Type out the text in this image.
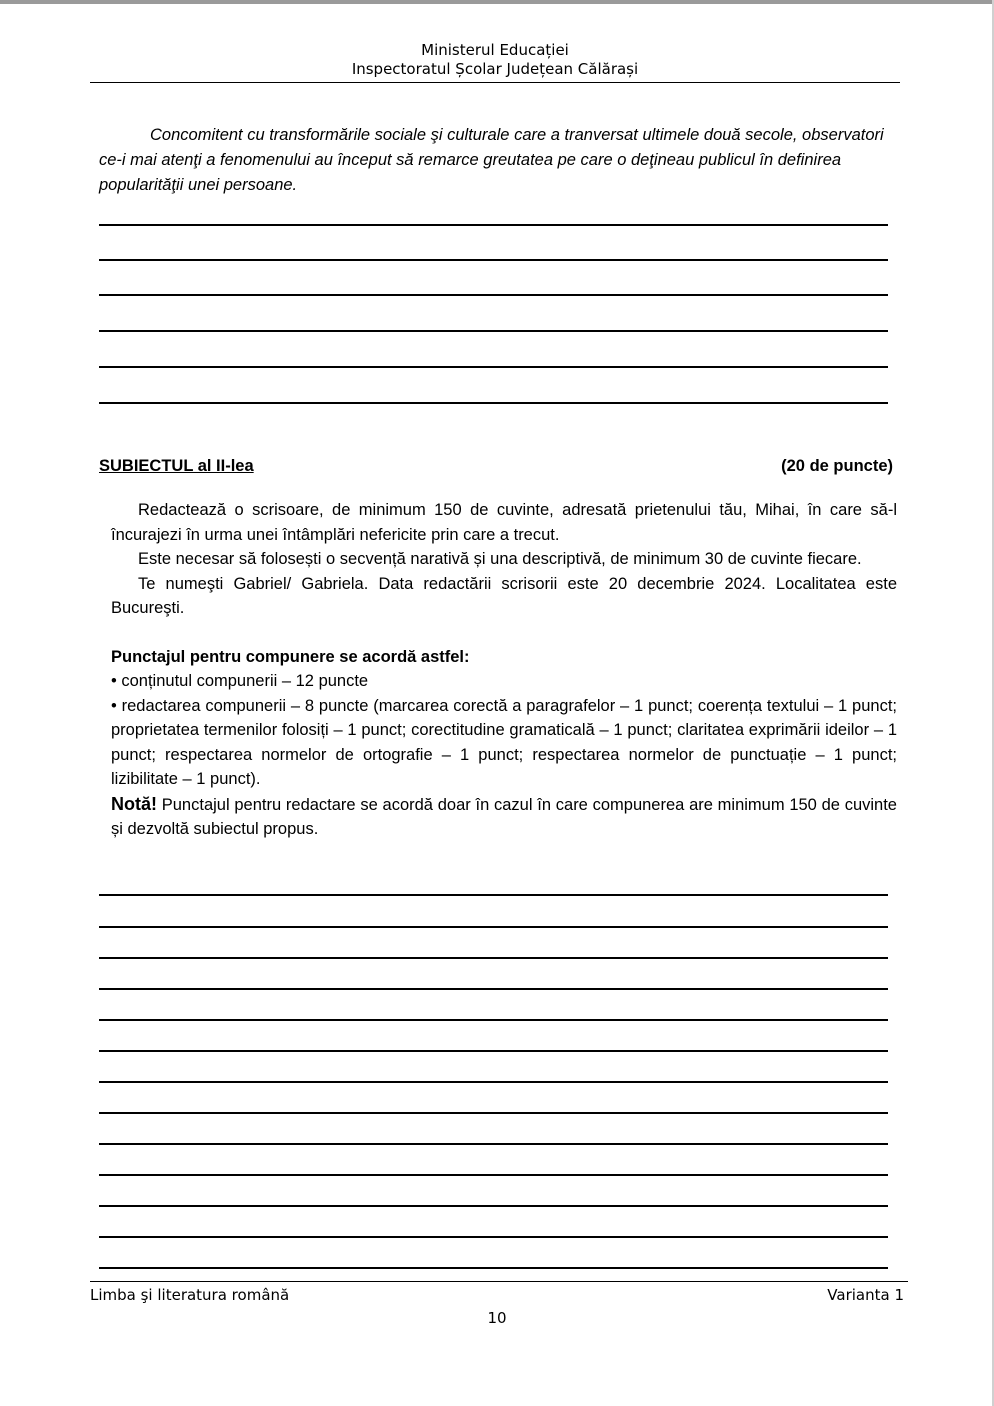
Ministerul Educației
Inspectoratul Școlar Județean Călărași

Concomitent cu transformările sociale şi culturale care a tranversat ultimele două secole, observatori ce-i mai atenţi a fenomenului au început să remarce greutatea pe care o deţineau publicul în definirea popularităţii unei persoane.

SUBIECTUL al II-lea	(20 de puncte)

Redactează o scrisoare, de minimum 150 de cuvinte, adresată prietenului tău, Mihai, în care să-l încurajezi în urma unei întâmplări nefericite prin care a trecut.

Este necesar să folosești o secvență narativă și una descriptivă, de minimum 30 de cuvinte fiecare.

Te numeşti Gabriel/ Gabriela. Data redactării scrisorii este 20 decembrie 2024. Localitatea este Bucureşti.

Punctajul pentru compunere se acordă astfel:

• conținutul compunerii – 12 puncte

• redactarea compunerii – 8 puncte (marcarea corectă a paragrafelor – 1 punct; coerența textului – 1 punct; proprietatea termenilor folosiți – 1 punct; corectitudine gramaticală – 1 punct; claritatea exprimării ideilor – 1 punct; respectarea normelor de ortografie – 1 punct; respectarea normelor de punctuație – 1 punct; lizibilitate – 1 punct).

Notă! Punctajul pentru redactare se acordă doar în cazul în care compunerea are minimum 150 de cuvinte și dezvoltă subiectul propus.

Limba şi literatura română	Varianta 1
10
